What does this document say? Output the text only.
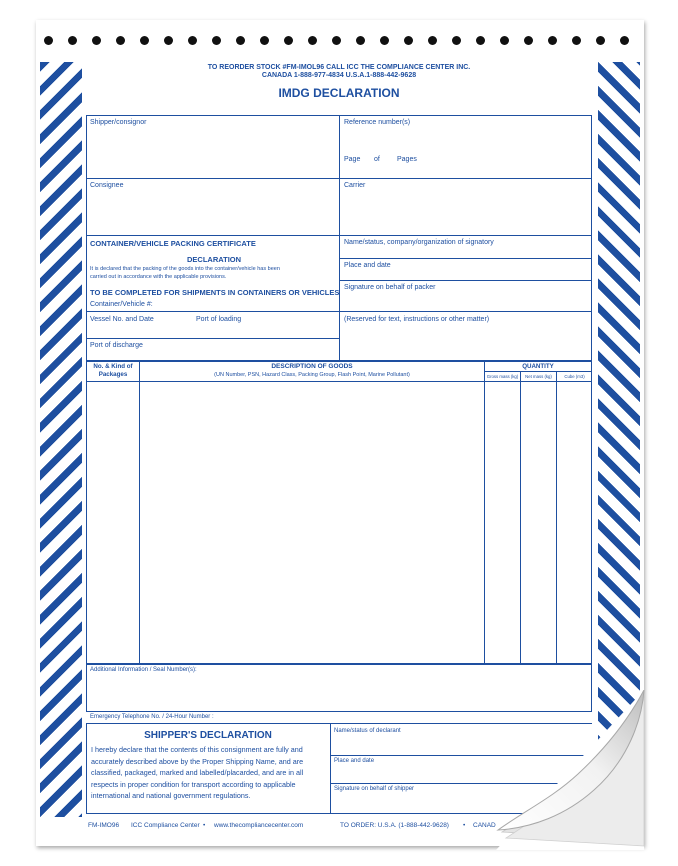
TO REORDER STOCK #FM-IMOL96 CALL ICC THE COMPLIANCE CENTER INC.
CANADA 1-888-977-4834 U.S.A.1-888-442-9628
IMDG DECLARATION
Shipper/consignor	Reference number(s)
Page of Pages
Consignee	Carrier
CONTAINER/VEHICLE PACKING CERTIFICATE
DECLARATION
It is declared that the packing of the goods into the container/vehicle has been
carried out in accordance with the applicable provisions.
TO BE COMPLETED FOR SHIPMENTS IN CONTAINERS OR VEHICLES
Container/Vehicle #:
Name/status, company/organization of signatory
Place and date
Signature on behalf of packer
Vessel No. and Date	Port of loading	(Reserved for text, instructions or other matter)
Port of discharge
No. & Kind of
Packages
DESCRIPTION OF GOODS
(UN Number, PSN, Hazard Class, Packing Group, Flash Point, Marine Pollutant)
QUANTITY
Gross mass (kg)	Net mass (kg)	Cube (m3)
Additional Information / Seal Number(s):
Emergency Telephone No. / 24-Hour Number :
SHIPPER'S DECLARATION
I hereby declare that the contents of this consignment are fully and
accurately described above by the Proper Shipping Name, and are
classified, packaged, marked and labelled/placarded, and are in all
respects in proper condition for transport according to applicable
international and national government regulations.
Name/status of declarant
Place and date
Signature on behalf of shipper
FM-IMO96 ICC Compliance Center • www.thecompliancecenter.com	TO ORDER: U.S.A. (1-888-442-9628) • CANAD
